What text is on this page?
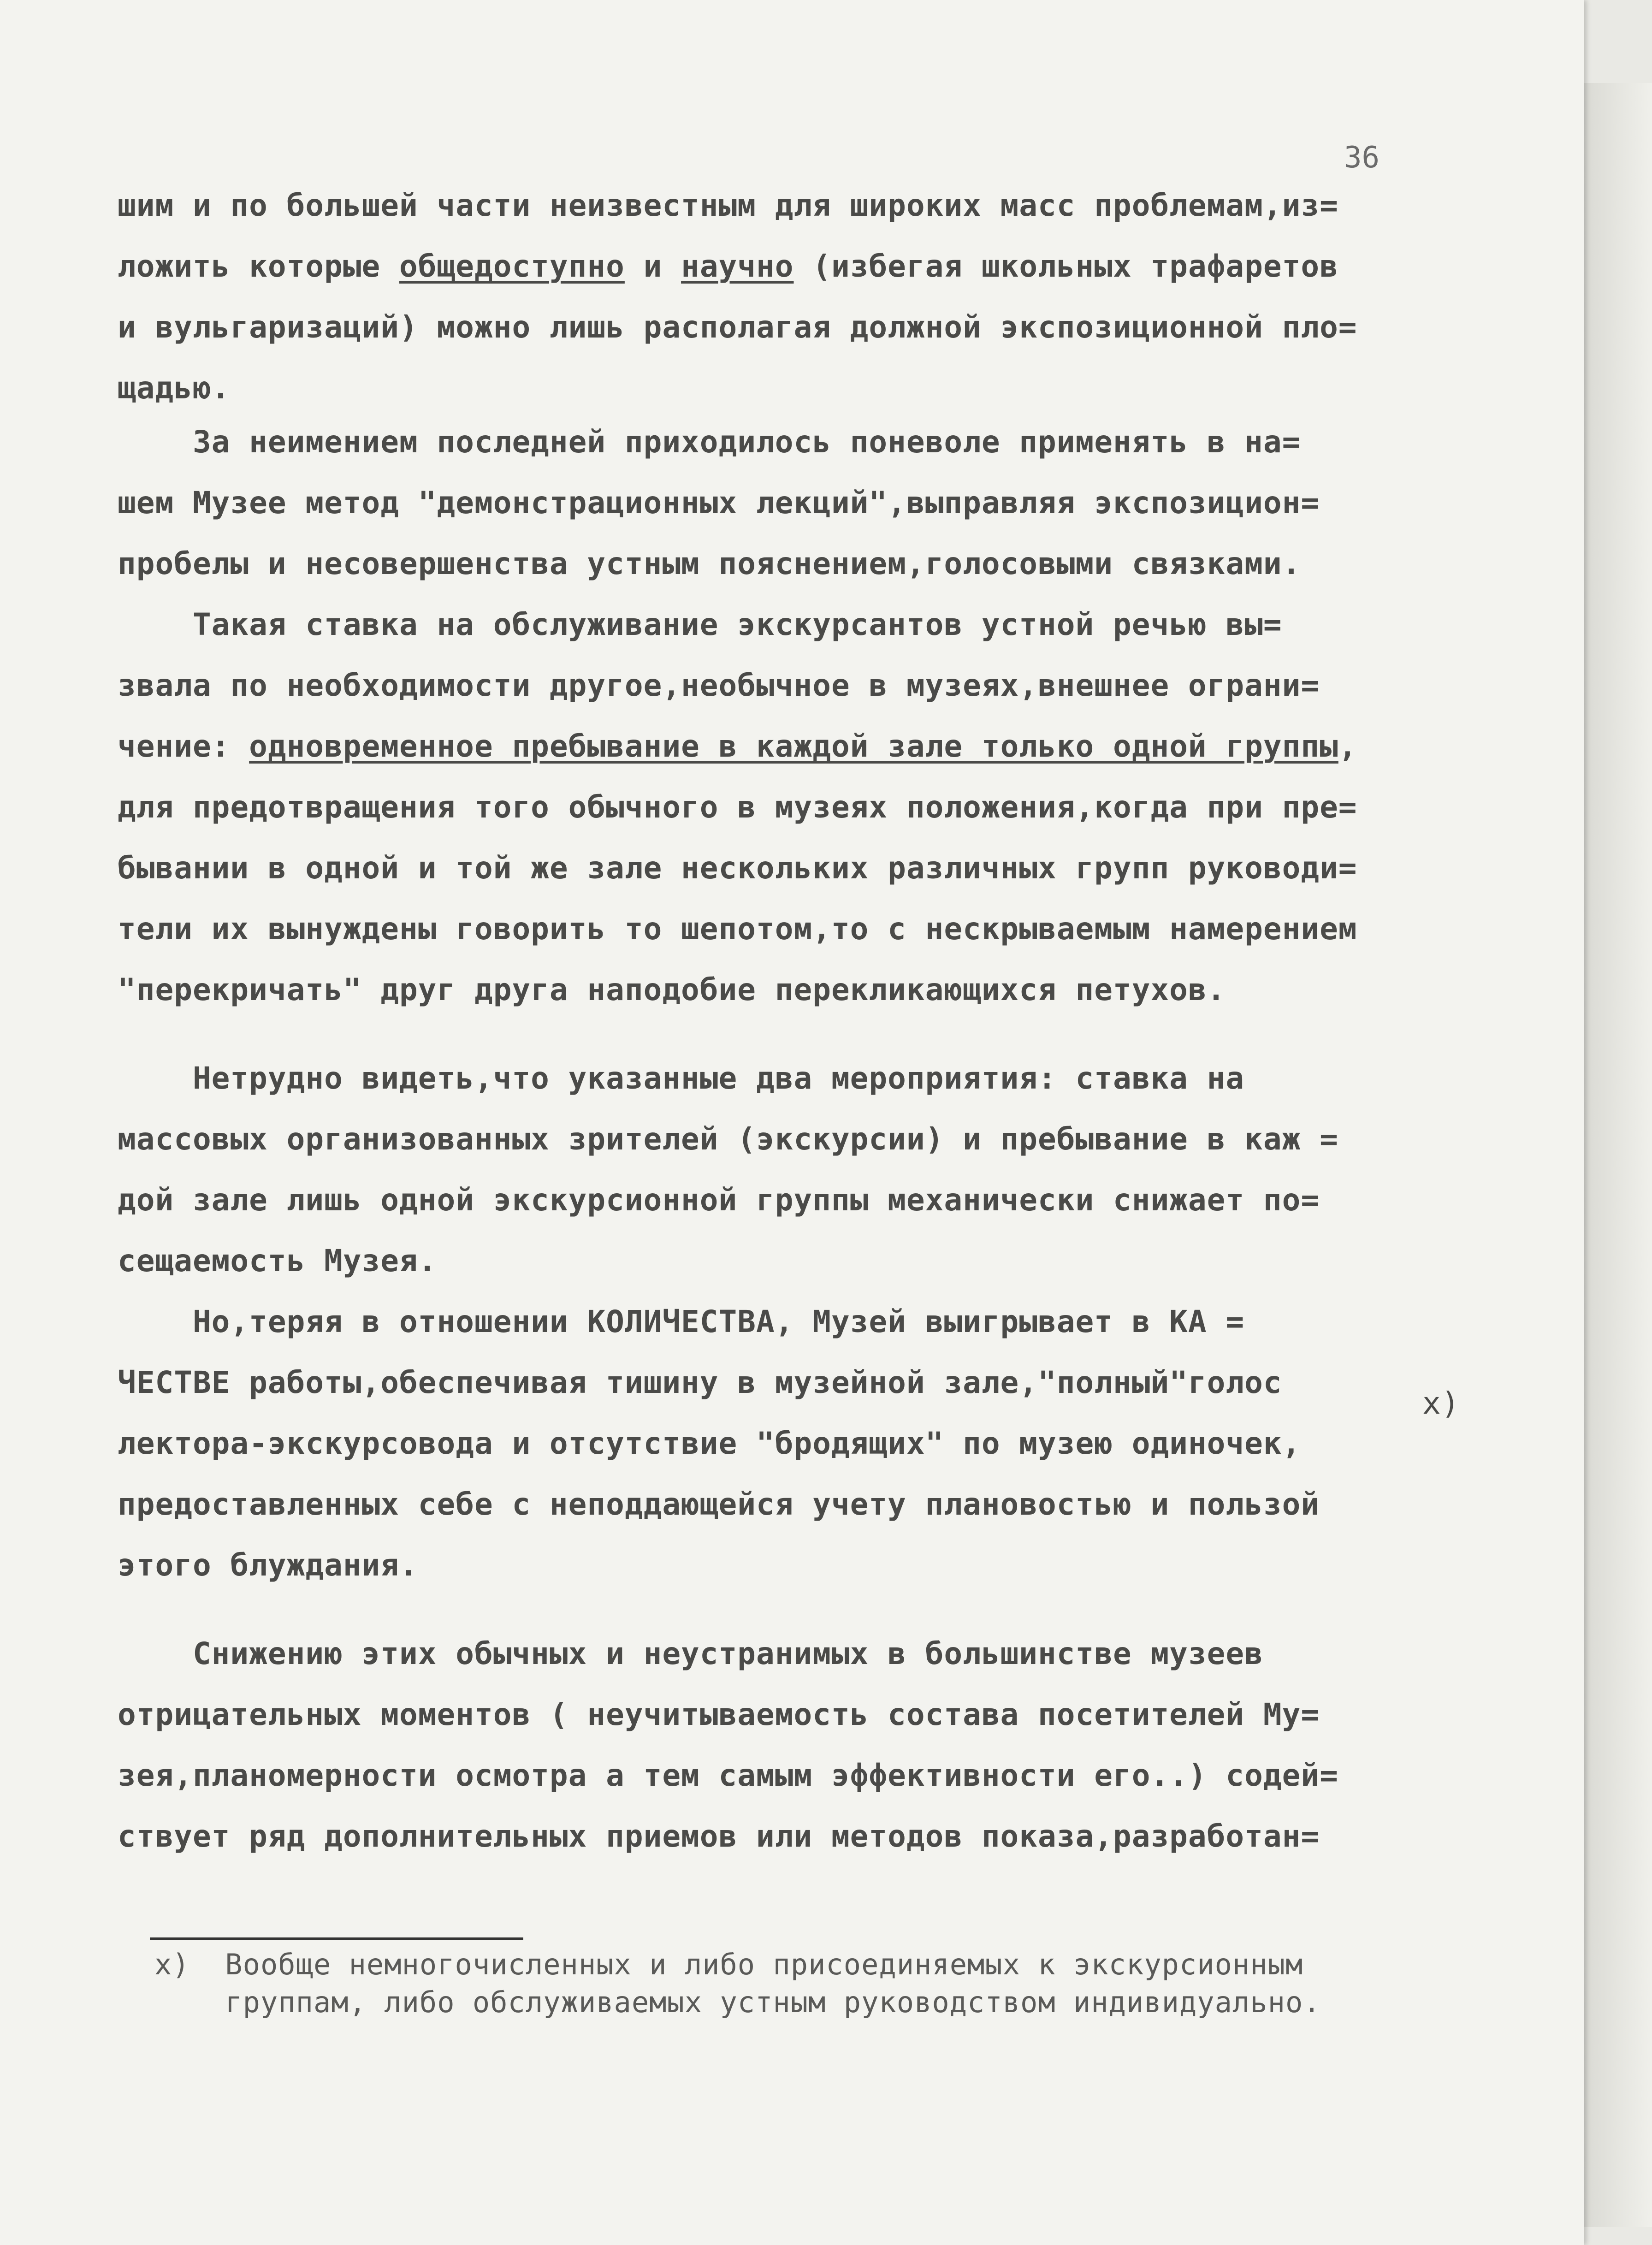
36
шим и по большей части неизвестным для широких масс проблемам,из=
ложить которые общедоступно и научно (избегая школьных трафаретов
и вульгаризаций) можно лишь располагая должной экспозиционной пло=
щадью.
За неимением последней приходилось поневоле применять в на=
шем Музее метод "демонстрационных лекций",выправляя экспозицион=
пробелы и несовершенства устным пояснением,голосовыми связками.
Такая ставка на обслуживание экскурсантов устной речью вы=
звала по необходимости другое,необычное в музеях,внешнее ограни=
чение: одновременное пребывание в каждой зале только одной группы,
для предотвращения того обычного в музеях положения,когда при пре=
бывании в одной и той же зале нескольких различных групп руководи=
тели их вынуждены говорить то шепотом,то с нескрываемым намерением
"перекричать" друг друга наподобие перекликающихся петухов.
Нетрудно видеть,что указанные два мероприятия: ставка на
массовых организованных зрителей (экскурсии) и пребывание в каж =
дой зале лишь одной экскурсионной группы механически снижает по=
сещаемость Музея.
Но,теряя в отношении КОЛИЧЕСТВА, Музей выигрывает в КА =
ЧЕСТВЕ работы,обеспечивая тишину в музейной зале,"полный"голос
x)
лектора-экскурсовода и отсутствие "бродящих" по музею одиночек,
предоставленных себе с неподдающейся учету плановостью и пользой
этого блуждания.
Снижению этих обычных и неустранимых в большинстве музеев
отрицательных моментов ( неучитываемость состава посетителей Му=
зея,планомерности осмотра а тем самым эффективности его..) содей=
ствует ряд дополнительных приемов или методов показа,разработан=
x)  Вообще немногочисленных и либо присоединяемых к экскурсионным
группам, либо обслуживаемых устным руководством индивидуально.
